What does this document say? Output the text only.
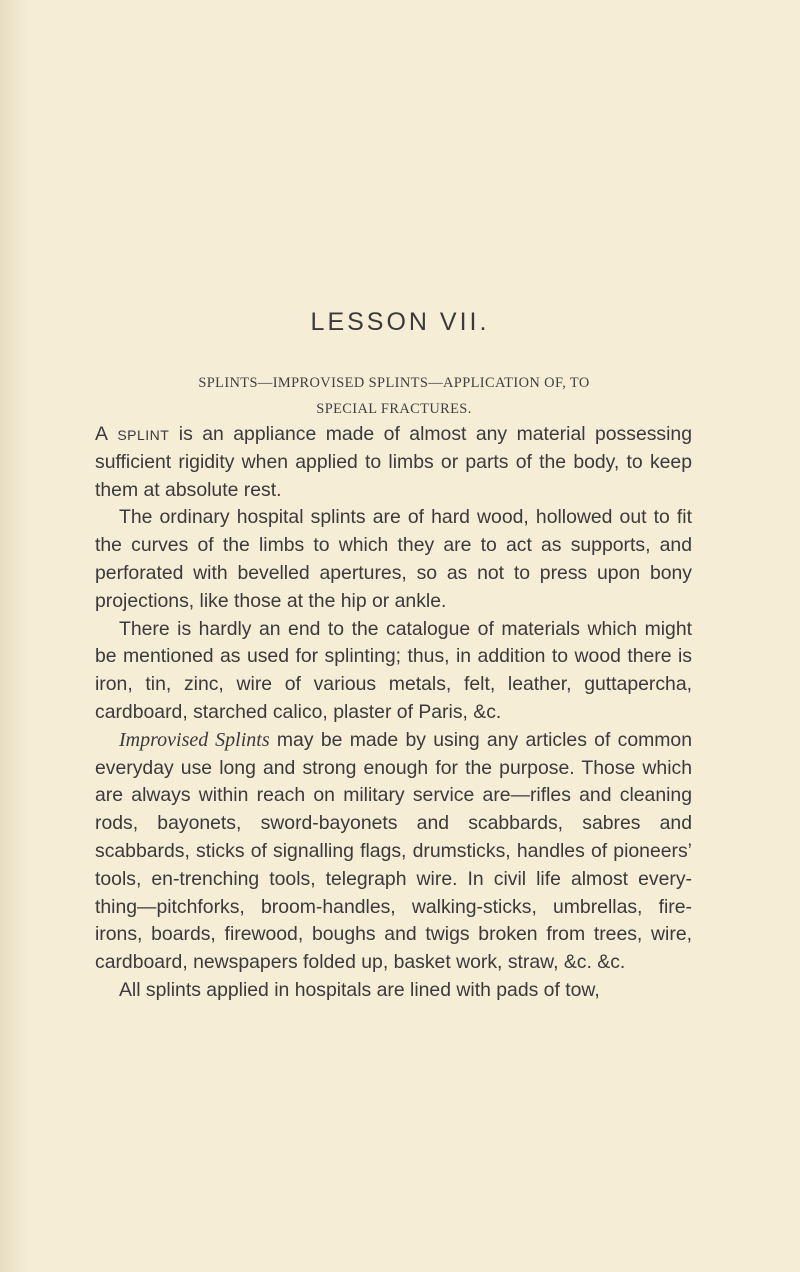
LESSON VII.
SPLINTS—IMPROVISED SPLINTS—APPLICATION OF, TO
SPECIAL FRACTURES.

A splint is an appliance made of almost any material possessing sufficient rigidity when applied to limbs or parts of the body, to keep them at absolute rest.

The ordinary hospital splints are of hard wood, hollowed out to fit the curves of the limbs to which they are to act as supports, and perforated with bevelled apertures, so as not to press upon bony projections, like those at the hip or ankle.

There is hardly an end to the catalogue of materials which might be mentioned as used for splinting; thus, in addition to wood there is iron, tin, zinc, wire of various metals, felt, leather, guttapercha, cardboard, starched calico, plaster of Paris, &c.

Improvised Splints may be made by using any articles of common everyday use long and strong enough for the purpose. Those which are always within reach on military service are—rifles and cleaning rods, bayonets, sword-bayonets and scabbards, sabres and scabbards, sticks of signalling flags, drumsticks, handles of pioneers’ tools, en-trenching tools, telegraph wire. In civil life almost every-thing—pitchforks, broom-handles, walking-sticks, umbrellas, fire-irons, boards, firewood, boughs and twigs broken from trees, wire, cardboard, newspapers folded up, basket work, straw, &c. &c.

All splints applied in hospitals are lined with pads of tow,
